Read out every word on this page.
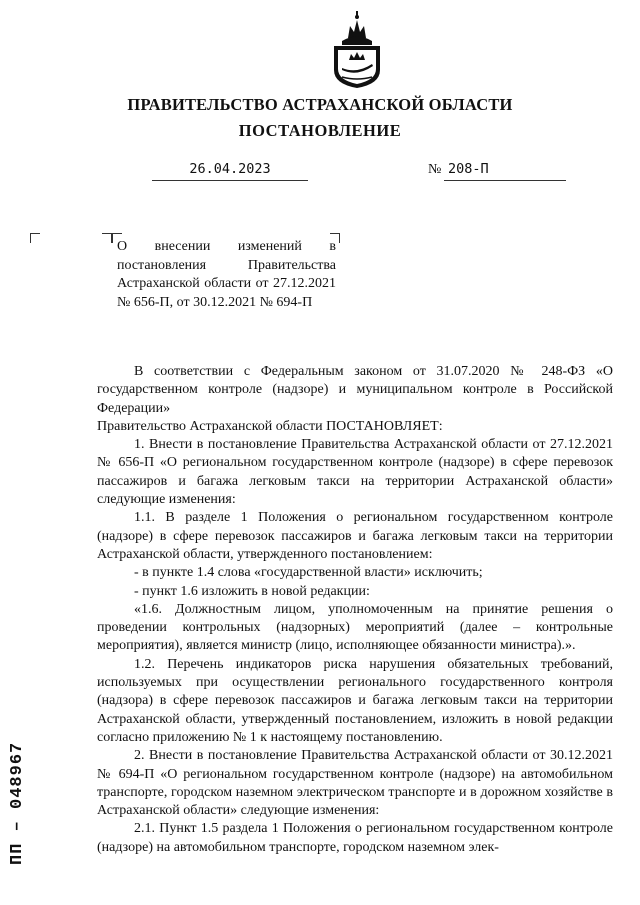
ПРАВИТЕЛЬСТВО АСТРАХАНСКОЙ ОБЛАСТИ
ПОСТАНОВЛЕНИЕ
26.04.2023	№ 208-П
О внесении изменений в постановления Правительства Астраханской области от 27.12.2021 № 656-П, от 30.12.2021 № 694-П

В соответствии с Федеральным законом от 31.07.2020 № 248-ФЗ «О государственном контроле (надзоре) и муниципальном контроле в Российской Федерации»

Правительство Астраханской области ПОСТАНОВЛЯЕТ:

1. Внести в постановление Правительства Астраханской области от 27.12.2021 № 656-П «О региональном государственном контроле (надзоре) в сфере перевозок пассажиров и багажа легковым такси на территории Астраханской области» следующие изменения:

1.1. В разделе 1 Положения о региональном государственном контроле (надзоре) в сфере перевозок пассажиров и багажа легковым такси на территории Астраханской области, утвержденного постановлением:

- в пункте 1.4 слова «государственной власти» исключить;

- пункт 1.6 изложить в новой редакции:

«1.6. Должностным лицом, уполномоченным на принятие решения о проведении контрольных (надзорных) мероприятий (далее – контрольные мероприятия), является министр (лицо, исполняющее обязанности министра).».

1.2. Перечень индикаторов риска нарушения обязательных требований, используемых при осуществлении регионального государственного контроля (надзора) в сфере перевозок пассажиров и багажа легковым такси на территории Астраханской области, утвержденный постановлением, изложить в новой редакции согласно приложению № 1 к настоящему постановлению.

2. Внести в постановление Правительства Астраханской области от 30.12.2021 № 694-П «О региональном государственном контроле (надзоре) на автомобильном транспорте, городском наземном электрическом транспорте и в дорожном хозяйстве в Астраханской области» следующие изменения:

2.1. Пункт 1.5 раздела 1 Положения о региональном государственном контроле (надзоре) на автомобильном транспорте, городском наземном элек-

ПП – 048967
